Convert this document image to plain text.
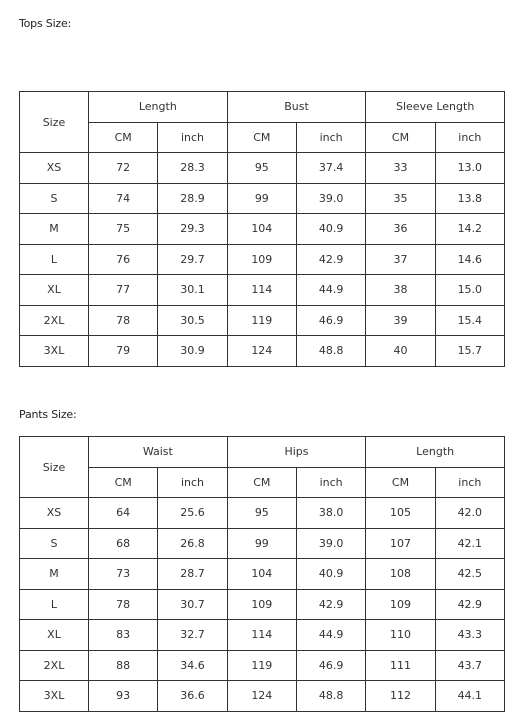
Tops Size:
Size	Length		Bust		Sleeve Length	
	CM	inch	CM	inch	CM	inch
XS	72	28.3	95	37.4	33	13.0
S	74	28.9	99	39.0	35	13.8
M	75	29.3	104	40.9	36	14.2
L	76	29.7	109	42.9	37	14.6
XL	77	30.1	114	44.9	38	15.0
2XL	78	30.5	119	46.9	39	15.4
3XL	79	30.9	124	48.8	40	15.7
Pants Size:
Size	Waist		Hips		Length	
	CM	inch	CM	inch	CM	inch
XS	64	25.6	95	38.0	105	42.0
S	68	26.8	99	39.0	107	42.1
M	73	28.7	104	40.9	108	42.5
L	78	30.7	109	42.9	109	42.9
XL	83	32.7	114	44.9	110	43.3
2XL	88	34.6	119	46.9	111	43.7
3XL	93	36.6	124	48.8	112	44.1
